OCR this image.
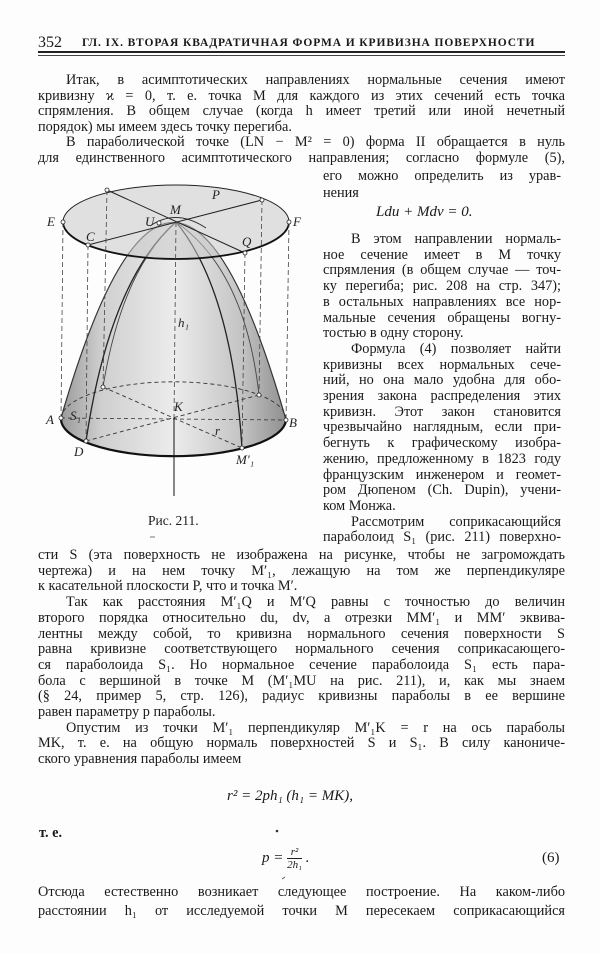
352 ГЛ. IX. ВТОРАЯ КВАДРАТИЧНАЯ ФОРМА И КРИВИЗНА ПОВЕРХНОСТИ
Итак, в асимптотических направлениях нормальные сечения имеют
кривизну ϰ = 0, т. е. точка M для каждого из этих сечений есть точка
спрямления. В общем случае (когда h имеет третий или иной нечетный
порядок) мы имеем здесь точку перегиба.
В параболической точке (LN − M² = 0) форма II обращается в нуль
для единственного асимптотического направления; согласно формуле (5),
его можно определить из урав-
нения
В этом направлении нормаль-
ное сечение имеет в M точку
спрямления (в общем случае — точ-
ку перегиба; рис. 208 на стр. 347);
в остальных направлениях все нор-
мальные сечения обращены вогну-
тостью в одну сторону.
Формула (4) позволяет найти
кривизны всех нормальных сече-
ний, но она мало удобна для обо-
зрения закона распределения этих
кривизн. Этот закон становится
чрезвычайно наглядным, если при-
бегнуть к графическому изобра-
жению, предложенному в 1823 году
французским инженером и геомет-
ром Дюпеном (Ch. Dupin), учени-
ком Монжа.
Рассмотрим соприкасающийся
параболоид S₁ (рис. 211) поверхно-
сти S (эта поверхность не изображена на рисунке, чтобы не загромождать
чертежа) и на нем точку M′₁, лежащую на том же перпендикуляре
к касательной плоскости P, что и точка M′.
Так как расстояния M′₁Q и M′Q равны с точностью до величин
второго порядка относительно du, dv, а отрезки MM′₁ и MM′ эквива-
лентны между собой, то кривизна нормального сечения поверхности S
равна кривизне соответствующего нормального сечения соприкасающего-
ся параболоида S₁. Но нормальное сечение параболоида S₁ есть пара-
бола с вершиной в точке M (M′₁MU на рис. 211), и, как мы знаем
(§ 24, пример 5, стр. 126), радиус кривизны параболы в ее вершине
равен параметру p параболы.
Опустим из точки M′₁ перпендикуляр M′₁K = r на ось параболы
MK, т. е. на общую нормаль поверхностей S и S₁. В силу канониче-
ского уравнения параболы имеем
Отсюда естественно возникает следующее построение. На каком-либо
расстоянии h₁ от исследуемой точки M пересекаем соприкасающийся
Ldu + Mdv = 0.
P
M
E	F
C
U
Q
A	B
D
K
M′₁
S₁
h₁
r
Рис. 211.
r² = 2ph₁ (h₁ = MK),
т. е.
$p = \frac{\text{r²}}{\text{2h₁}}$ .	(6)
